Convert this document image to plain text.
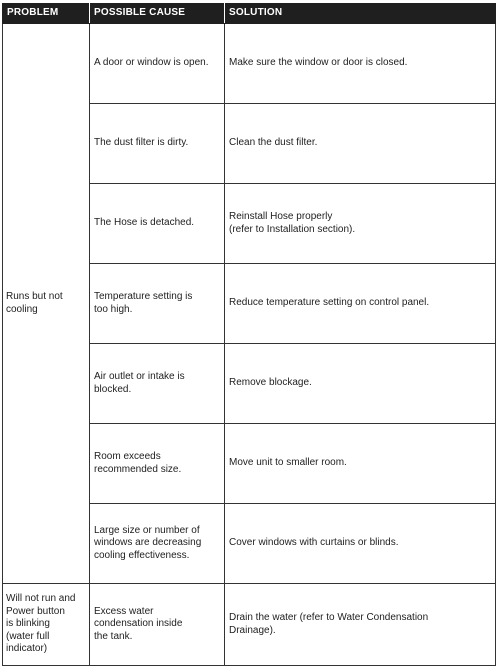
PROBLEM	POSSIBLE CAUSE	SOLUTION

Runs but not
cooling	A door or window is open.	Make sure the window or door is closed.

	The dust filter is dirty.	Clean the dust filter.

	The Hose is detached.	Reinstall Hose properly
(refer to Installation section).

	Temperature setting is
too high.	Reduce temperature setting on control panel.

	Air outlet or intake is
blocked.	Remove blockage.

	Room exceeds
recommended size.	Move unit to smaller room.

	Large size or number of
windows are decreasing
cooling effectiveness.	Cover windows with curtains or blinds.

Will not run and
Power button
is blinking
(water full
indicator)	Excess water
condensation inside
the tank.	Drain the water (refer to Water Condensation
Drainage).
